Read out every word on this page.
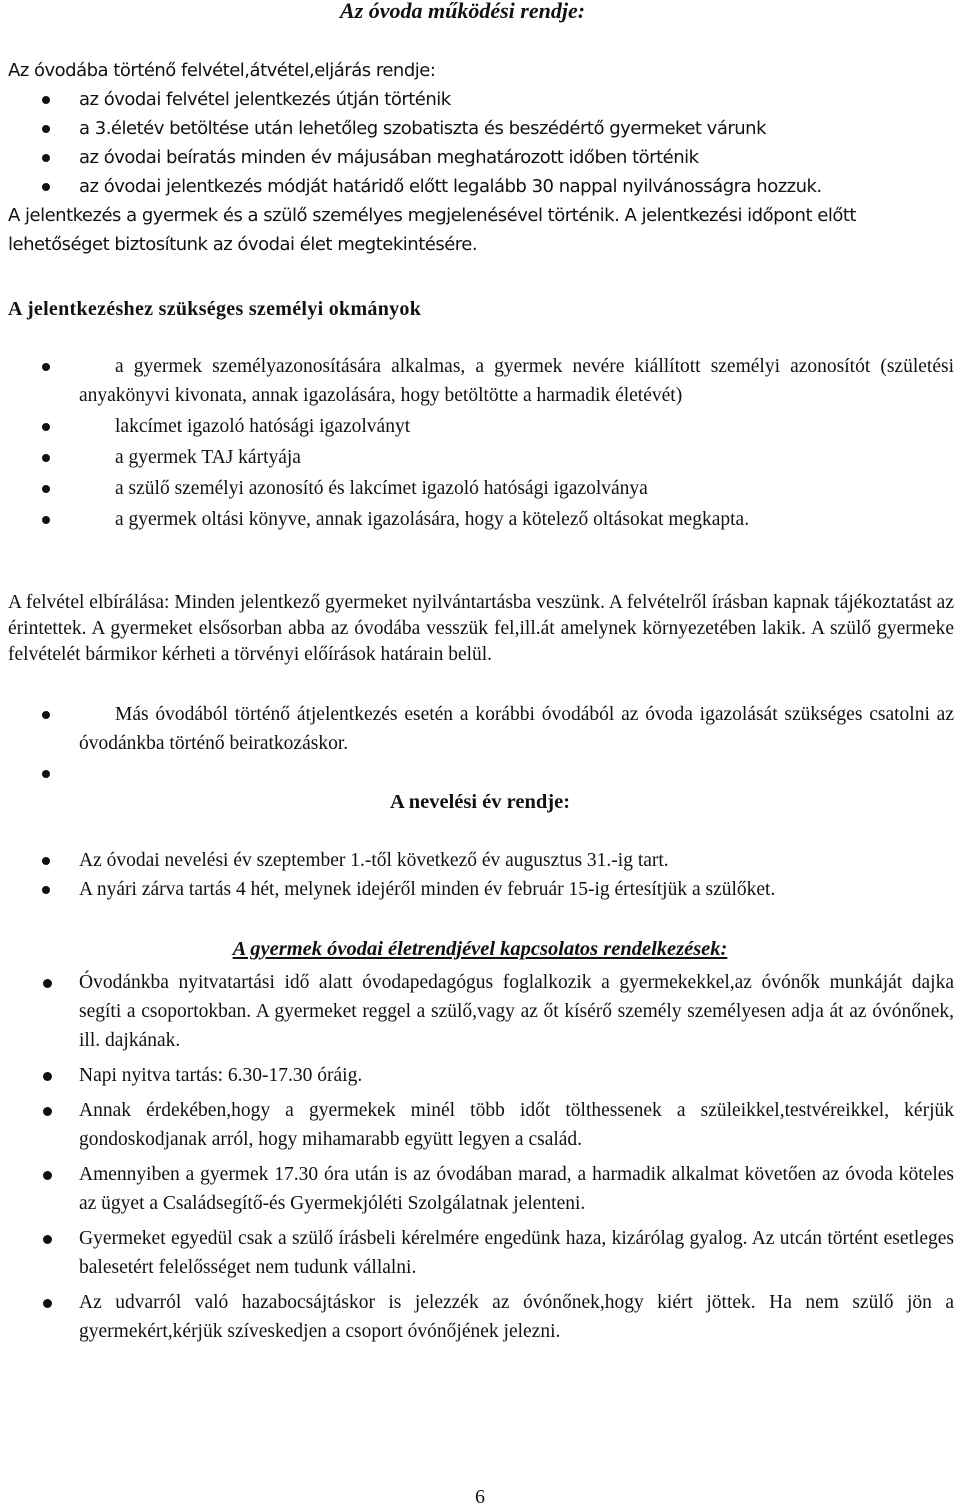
Az óvoda működési rendje:

Az óvodába történő felvétel,átvétel,eljárás rendje:

az óvodai felvétel jelentkezés útján történik
a 3.életév betöltése után lehetőleg szobatiszta és beszédértő gyermeket várunk
az óvodai beíratás minden év májusában meghatározott időben történik
az óvodai jelentkezés módját határidő előtt legalább 30 nappal nyilvánosságra hozzuk.

A jelentkezés a gyermek és a szülő személyes megjelenésével történik. A jelentkezési időpont előtt lehetőséget biztosítunk az óvodai élet megtekintésére.

A jelentkezéshez szükséges személyi okmányok

a gyermek személyazonosítására alkalmas, a gyermek nevére kiállított személyi azonosítót (születési anyakönyvi kivonata, annak igazolására, hogy betöltötte a harmadik életévét)
lakcímet igazoló hatósági igazolványt
a gyermek TAJ kártyája
a szülő személyi azonosító és lakcímet igazoló hatósági igazolványa
a gyermek oltási könyve, annak igazolására, hogy a kötelező oltásokat megkapta.

A felvétel elbírálása: Minden jelentkező gyermeket nyilvántartásba veszünk. A felvételről írásban kapnak tájékoztatást az érintettek. A gyermeket elsősorban abba az óvodába vesszük fel,ill.át amelynek környezetében lakik. A szülő gyermeke felvételét bármikor kérheti a törvényi előírások határain belül.

Más óvodából történő átjelentkezés esetén a korábbi óvodából az óvoda igazolását szükséges csatolni az óvodánkba történő beiratkozáskor.
A nevelési év rendje:
Az óvodai nevelési év szeptember 1.-től következő év augusztus 31.-ig tart.
A nyári zárva tartás 4 hét, melynek idejéről minden év február 15-ig értesítjük a szülőket.
A gyermek óvodai életrendjével kapcsolatos rendelkezések:
Óvodánkba nyitvatartási idő alatt óvodapedagógus foglalkozik a gyermekekkel,az óvónők munkáját dajka segíti a csoportokban. A gyermeket reggel a szülő,vagy az őt kísérő személy személyesen adja át az óvónőnek, ill. dajkának.
Napi nyitva tartás: 6.30-17.30 óráig.
Annak érdekében,hogy a gyermekek minél több időt tölthessenek a szüleikkel,testvéreikkel, kérjük gondoskodjanak arról, hogy mihamarabb együtt legyen a család.
Amennyiben a gyermek 17.30 óra után is az óvodában marad, a harmadik alkalmat követően az óvoda köteles az ügyet a Családsegítő-és Gyermekjóléti Szolgálatnak jelenteni.
Gyermeket egyedül csak a szülő írásbeli kérelmére engedünk haza, kizárólag gyalog. Az utcán történt esetleges balesetért felelősséget nem tudunk vállalni.
Az udvarról való hazabocsájtáskor is jelezzék az óvónőnek,hogy kiért jöttek. Ha nem szülő jön a gyermekért,kérjük szíveskedjen a csoport óvónőjének jelezni.
6
